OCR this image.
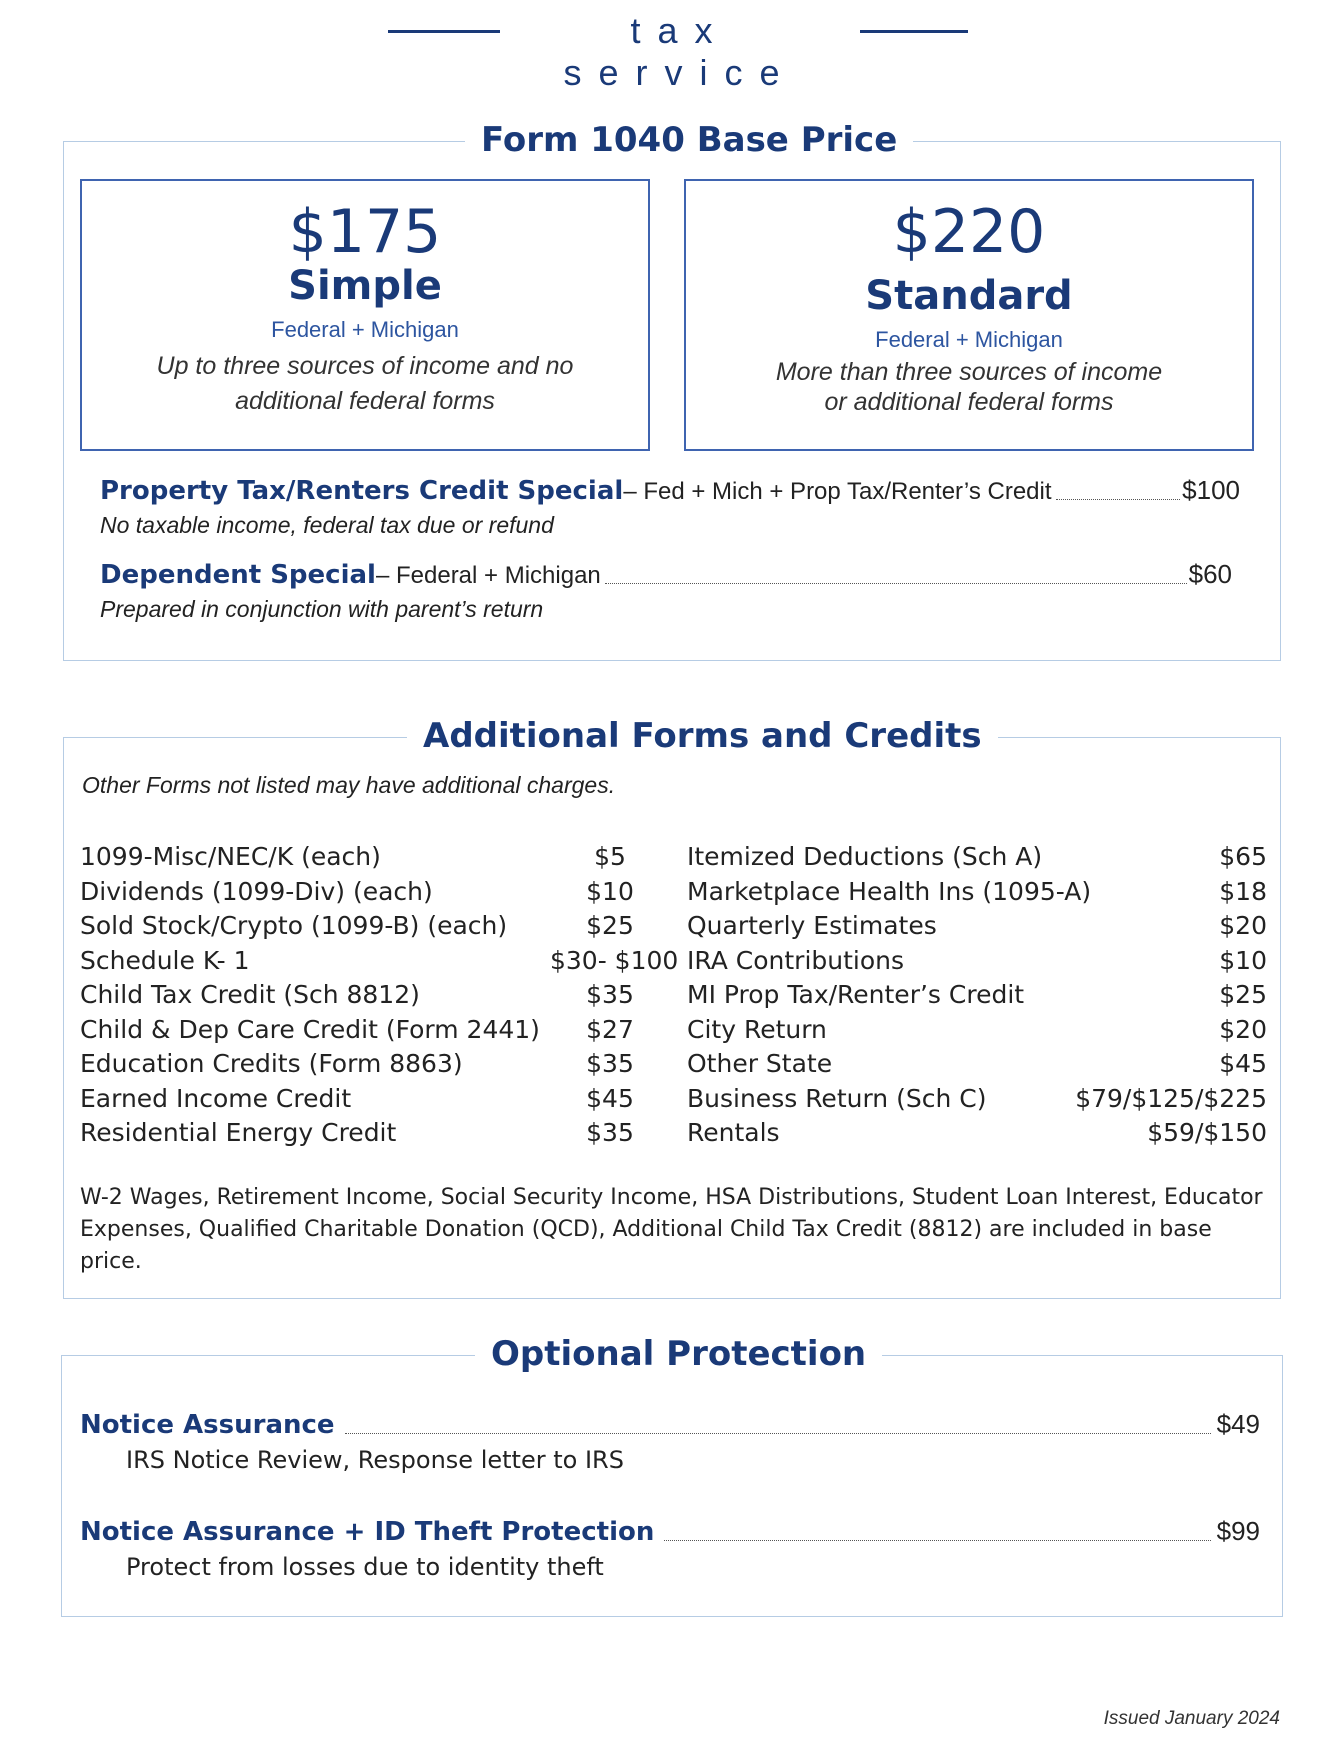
tax service
Form 1040 Base Price
$175
Simple
Federal + Michigan
Up to three sources of income and no
additional federal forms
$220
Standard
Federal + Michigan
More than three sources of income
or additional federal forms
Property Tax/Renters Credit Special – Fed + Mich + Prop Tax/Renter’s Credit	$100
No taxable income, federal tax due or refund
Dependent Special – Federal + Michigan	$60
Prepared in conjunction with parent’s return
Additional Forms and Credits
Other Forms not listed may have additional charges.
1099-Misc/NEC/K (each)	$5
Dividends (1099-Div) (each)	$10
Sold Stock/Crypto (1099-B) (each)	$25
Schedule K- 1	$30- $100
Child Tax Credit (Sch 8812)	$35
Child & Dep Care Credit (Form 2441)	$27
Education Credits (Form 8863)	$35
Earned Income Credit	$45
Residential Energy Credit	$35
Itemized Deductions (Sch A)	$65
Marketplace Health Ins (1095-A)	$18
Quarterly Estimates	$20
IRA Contributions	$10
MI Prop Tax/Renter’s Credit	$25
City Return	$20
Other State	$45
Business Return (Sch C)	$79/$125/$225
Rentals	$59/$150
W-2 Wages, Retirement Income, Social Security Income, HSA Distributions, Student Loan Interest, Educator Expenses, Qualified Charitable Donation (QCD), Additional Child Tax Credit (8812) are included in base price.
Optional Protection
Notice Assurance	$49
IRS Notice Review, Response letter to IRS
Notice Assurance + ID Theft Protection	$99
Protect from losses due to identity theft
Issued January 2024
